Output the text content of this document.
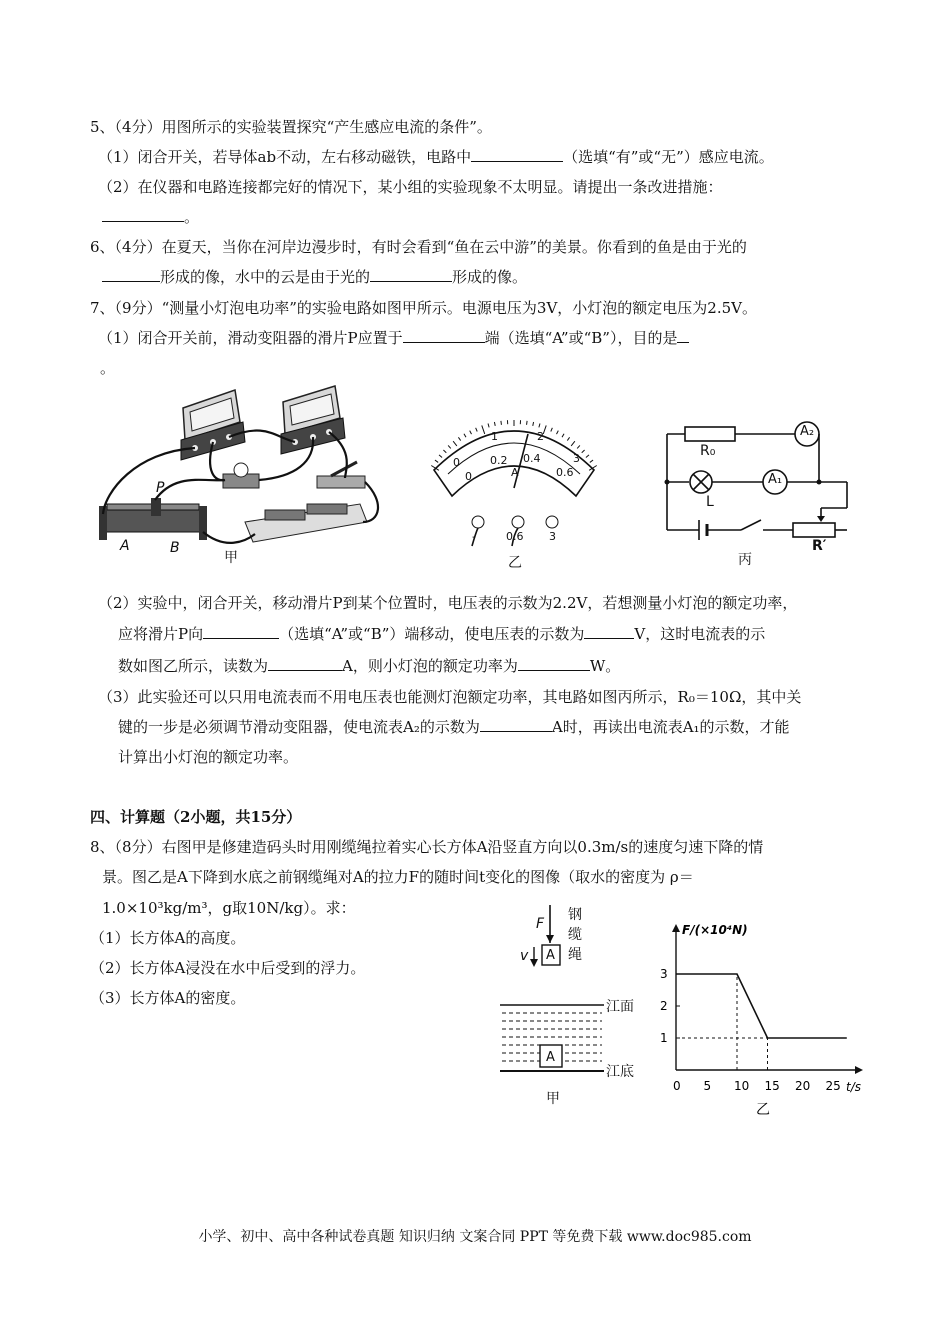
5、（4分）用图所示的实验装置探究“产生感应电流的条件”。
（1）闭合开关，若导体ab不动，左右移动磁铁，电路中	（选填“有”或“无”）感应电流。
（2）在仪器和电路连接都完好的情况下，某小组的实验现象不太明显。请提出一条改进措施：
。
6、（4分）在夏天，当你在河岸边漫步时，有时会看到“鱼在云中游”的美景。你看到的鱼是由于光的
形成的像，水中的云是由于光的	形成的像。
7、（9分）“测量小灯泡电功率”的实验电路如图甲所示。电源电压为3V，小灯泡的额定电压为2.5V。
（1）闭合开关前，滑动变阻器的滑片P应置于	端（选填“A”或“B”），目的是
。
P
A	B
甲
0
1	2
3
0
0.2 0.4
0.6
A
-	0.6 3
乙
R₀
A₂
A₁
L
R′
丙
（2）实验中，闭合开关，移动滑片P到某个位置时，电压表的示数为2.2V，若想测量小灯泡的额定功率，
应将滑片P向	（选填“A”或“B”）端移动，使电压表的示数为	V，这时电流表的示
数如图乙所示，读数为	A，则小灯泡的额定功率为	W。
（3）此实验还可以只用电流表而不用电压表也能测灯泡额定功率，其电路如图丙所示，R₀＝10Ω，其中关
键的一步是必须调节滑动变阻器，使电流表A₂的示数为	A时，再读出电流表A₁的示数，才能
计算出小灯泡的额定功率。
四、计算题（2小题，共15分）
8、（8分）右图甲是修建造码头时用刚缆绳拉着实心长方体A沿竖直方向以0.3m/s的速度匀速下降的情
景。图乙是A下降到水底之前钢缆绳对A的拉力F的随时间t变化的图像（取水的密度为 ρ＝
1.0×10³kg/m³，g取10N/kg）。求：
（1）长方体A的高度。
（2）长方体A浸没在水中后受到的浮力。
（3）长方体A的密度。
钢
缆
绳
F
v A
A
江面
江底
甲
0 5 10 15 20 25
1
2
3
t/s
F/(×10⁴N)
乙
小学、初中、高中各种试卷真题 知识归纳 文案合同 PPT 等免费下载 www.doc985.com
